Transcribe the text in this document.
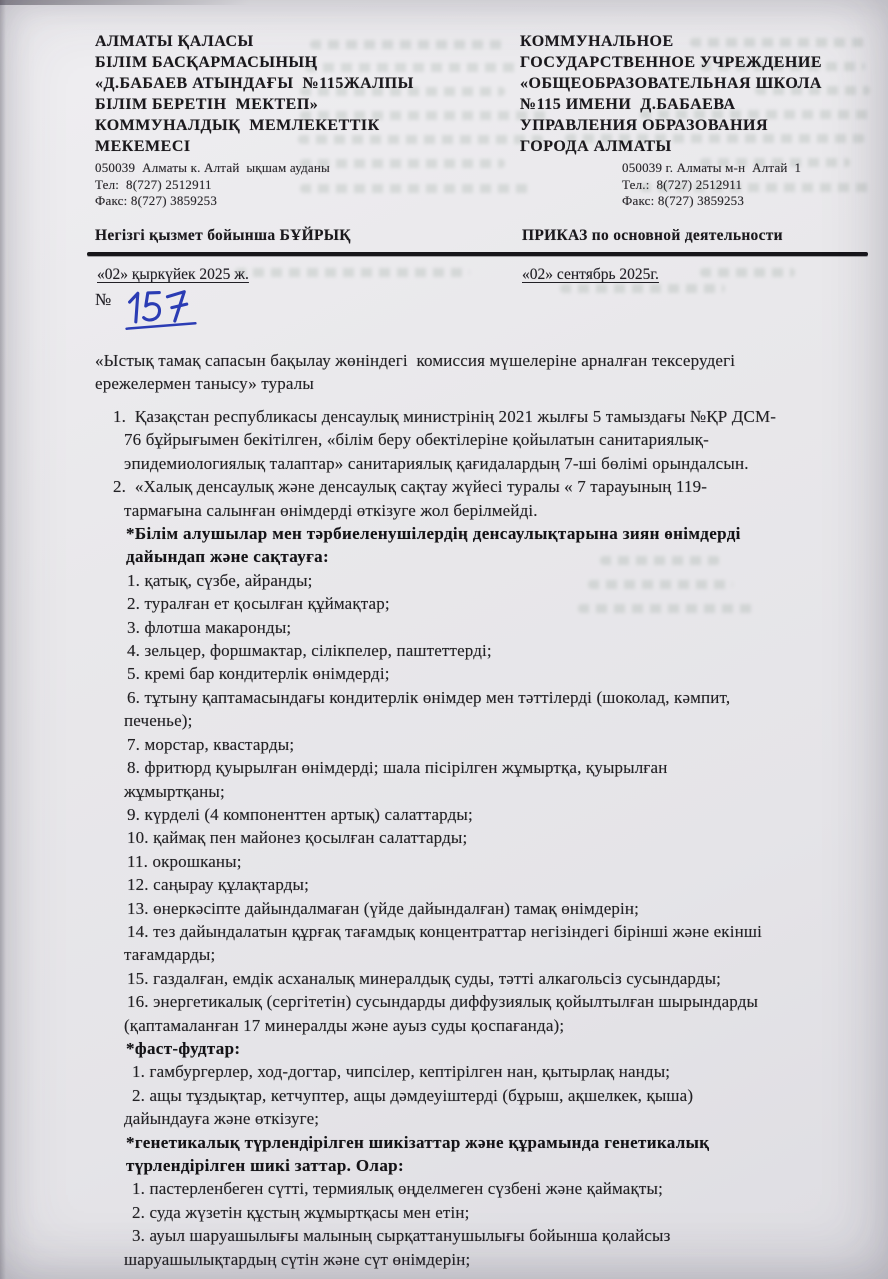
АЛМАТЫ ҚАЛАСЫ
БІЛІМ БАСҚАРМАСЫНЫҢ
«Д.БАБАЕВ АТЫНДАҒЫ  №115ЖАЛПЫ
БІЛІМ БЕРЕТІН  МЕКТЕП»
КОММУНАЛДЫҚ  МЕМЛЕКЕТТІК
МЕКЕМЕСІ
050039  Алматы к. Алтай  ықшам ауданы
Тел:  8(727) 2512911
Факс: 8(727) 3859253
КОММУНАЛЬНОЕ
ГОСУДАРСТВЕННОЕ УЧРЕЖДЕНИЕ
«ОБЩЕОБРАЗОВАТЕЛЬНАЯ ШКОЛА
№115 ИМЕНИ  Д.БАБАЕВА
УПРАВЛЕНИЯ ОБРАЗОВАНИЯ
ГОРОДА АЛМАТЫ
050039 г. Алматы м-н  Алтай  1
Тел.:  8(727) 2512911
Факс: 8(727) 3859253
Негізгі қызмет бойынша БҰЙРЫҚ	ПРИКАЗ по основной деятельности
«02» қыркүйек 2025 ж.	«02» сентябрь 2025г.
№
«Ыстық тамақ сапасын бақылау жөніндегі  комиссия мүшелеріне арналған тексерудегі
ережелермен танысу» туралы
1.  Қазақстан республикасы денсаулық министрінің 2021 жылғы 5 тамыздағы №ҚР ДСМ-
76 бұйрығымен бекітілген, «білім беру обектілеріне қойылатын санитариялық-
эпидемиологиялық талаптар» санитариялық қағидалардың 7-ші бөлімі орындалсын.
2.  «Халық денсаулық және денсаулық сақтау жүйесі туралы « 7 тарауының 119-
тармағына салынған өнімдерді өткізуге жол берілмейді.
*Білім алушылар мен тәрбиеленушілердің денсаулықтарына зиян өнімдерді
дайындап және сақтауға:
1. қатық, сүзбе, айранды;
2. туралған ет қосылған құймақтар;
3. флотша макаронды;
4. зельцер, форшмактар, сілікпелер, паштеттерді;
5. кремі бар кондитерлік өнімдерді;
6. тұтыну қаптамасындағы кондитерлік өнімдер мен тәттілерді (шоколад, кәмпит,
печенье);
7. морстар, квастарды;
8. фритюрд қуырылған өнімдерді; шала пісірілген жұмыртқа, қуырылған
жұмыртқаны;
9. күрделі (4 компоненттен артық) салаттарды;
10. қаймақ пен майонез қосылған салаттарды;
11. окрошканы;
12. саңырау құлақтарды;
13. өнеркәсіпте дайындалмаған (үйде дайындалған) тамақ өнімдерін;
14. тез дайындалатын құрғақ тағамдық концентраттар негізіндегі бірінші және екінші
тағамдарды;
15. газдалған, емдік асханалық минералдық суды, тәтті алкагольсіз сусындарды;
16. энергетикалық (сергітетін) сусындарды диффузиялық қойылтылған шырындарды
(қаптамаланған 17 минералды және ауыз суды қоспағанда);
*фаст-фудтар:
1. гамбургерлер, ход-догтар, чипсілер, кептірілген нан, қытырлақ нанды;
2. ащы тұздықтар, кетчуптер, ащы дәмдеуіштерді (бұрыш, ақшелкек, қыша)
дайындауға және өткізуге;
*генетикалық түрлендірілген шикізаттар және құрамында генетикалық
түрлендірілген шикі заттар. Олар:
1. пастерленбеген сүтті, термиялық өңделмеген сүзбені және қаймақты;
2. суда жүзетін құстың жұмыртқасы мен етін;
3. ауыл шаруашылығы малының сырқаттанушылығы бойынша қолайсыз
шаруашылықтардың сүтін және сүт өнімдерін;
